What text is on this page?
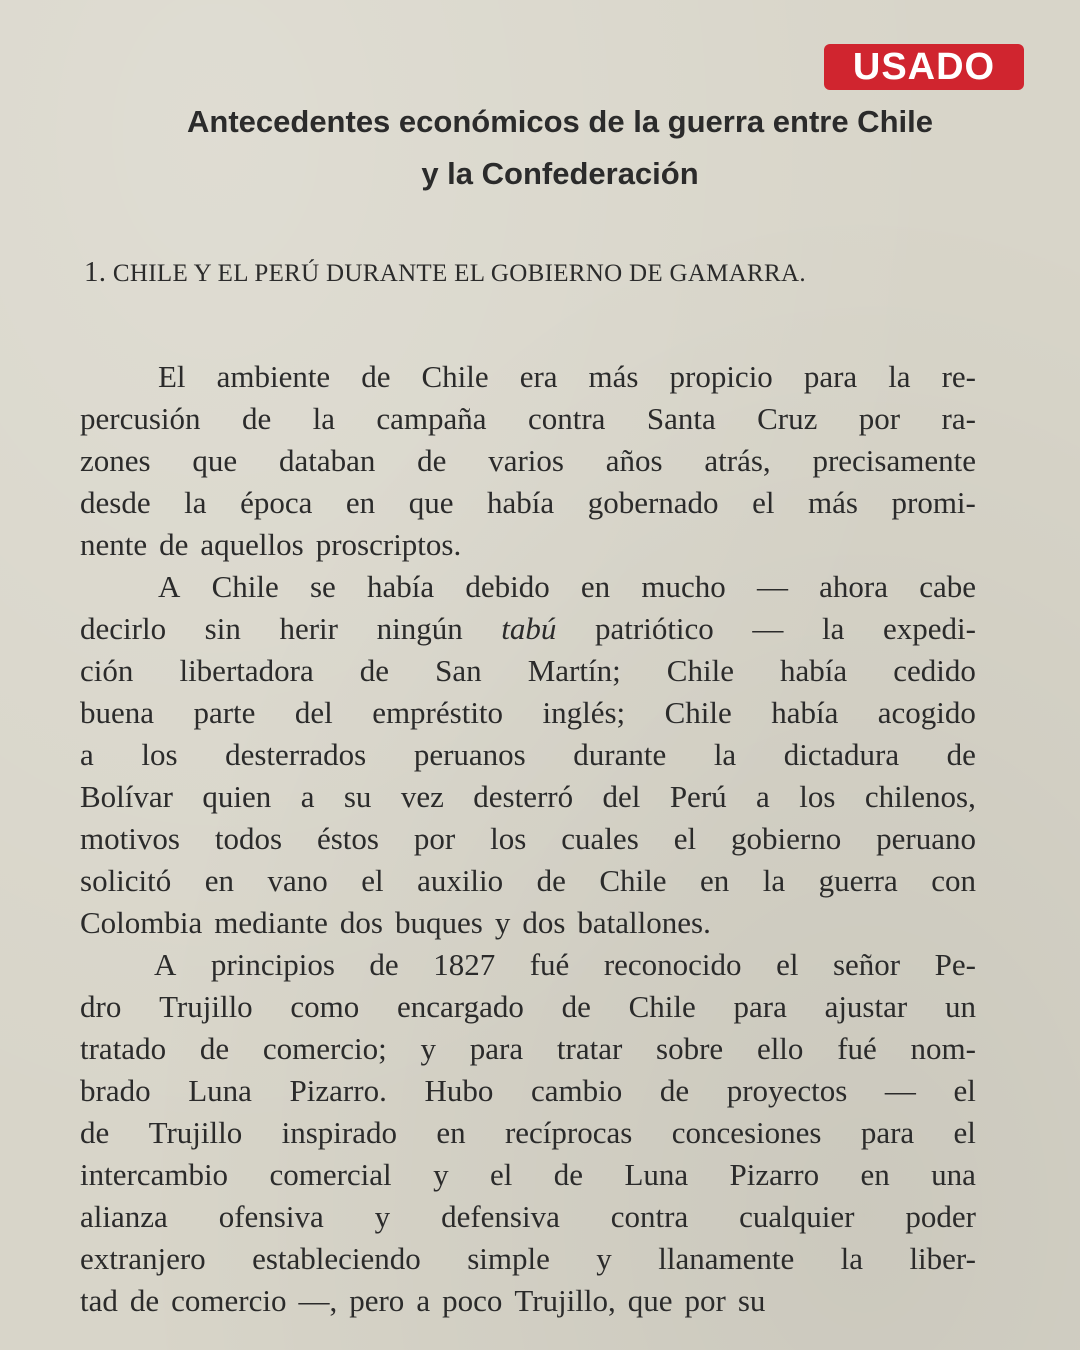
USADO
Antecedentes económicos de la guerra entre Chile
y la Confederación
1. CHILE Y EL PERÚ DURANTE EL GOBIERNO DE GAMARRA.
El ambiente de Chile era más propicio para la re-
percusión de la campaña contra Santa Cruz por ra-
zones que databan de varios años atrás, precisamente
desde la época en que había gobernado el más promi-
nente de aquellos proscriptos.
A Chile se había debido en mucho — ahora cabe
decirlo sin herir ningún tabú patriótico — la expedi-
ción libertadora de San Martín; Chile había cedido
buena parte del empréstito inglés; Chile había acogido
a los desterrados peruanos durante la dictadura de
Bolívar quien a su vez desterró del Perú a los chilenos,
motivos todos éstos por los cuales el gobierno peruano
solicitó en vano el auxilio de Chile en la guerra con
Colombia mediante dos buques y dos batallones.
A principios de 1827 fué reconocido el señor Pe-
dro Trujillo como encargado de Chile para ajustar un
tratado de comercio; y para tratar sobre ello fué nom-
brado Luna Pizarro. Hubo cambio de proyectos — el
de Trujillo inspirado en recíprocas concesiones para el
intercambio comercial y el de Luna Pizarro en una
alianza ofensiva y defensiva contra cualquier poder
extranjero estableciendo simple y llanamente la liber-
tad de comercio —, pero a poco Trujillo, que por su
